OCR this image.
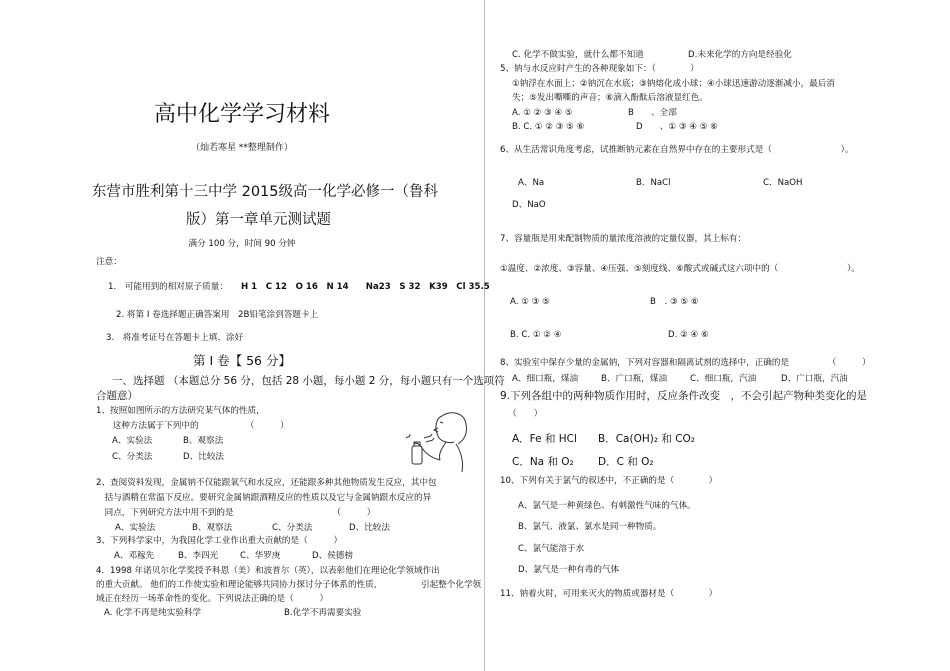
高中化学学习材料
（灿若寒星 **整理制作）
东营市胜利第十三中学 2015级高一化学必修一（鲁科
版）第一章单元测试题
满分 100 分，时间 90 分钟
注意：
1.　可能用到的相对原子质量： H 1　C 12　O 16　N 14　　Na23　S 32　K39　Cl 35.5
2. 将第 I 卷选择题正确答案用　2B铅笔涂到答题卡上
3.　将准考证号在答题卡上填、涂好
第 I 卷【 56 分】
一、选择题 （本题总分 56 分，包括 28 小题，每小题 2 分，每小题只有一个选项符
合题意）
1、按照如图所示的方法研究某气体的性质，
　这种方法属于下列中的　　　　　　（　　　）
A、实验法	B、观察法
C、分类法	D、比较法
2、查阅资料发现，金属钠不仅能跟氧气和水反应，还能跟多种其他物质发生反应，其中包
　括与酒精在常温下反应。要研究金属钠跟酒精反应的性质以及它与金属钠跟水反应的异
　同点，下列研究方法中用不到的是　　　　　　　　　　　　（　　　）
A、实验法	B、观察法	C、分类法	D、比较法
3、下列科学家中，为我国化学工业作出重大贡献的是（　　　）
A、邓稼先	B、李四光	C、华罗庚	D、侯德榜
4．1998 年诺贝尔化学奖授予科恩（美）和波普尔（英），以表彰他们在理论化学领域作出
的重大贡献。 他们的工作使实验和理论能够共同协力探讨分子体系的性质，　　　　　引起整个化学领
域正在经历一场革命性的变化。下列说法正确的是（　　　）
A. 化学不再是纯实验科学	B.化学不再需要实验
C. 化学不做实验，就什么都不知道	D.未来化学的方向是经验化
5、钠与水反应时产生的各种现象如下：（　　　　）
①钠浮在水面上；②钠沉在水底；③钠熔化成小球；④小球迅速游动逐渐减小，最后消
失；⑤发出嘶嘶的声音；⑥滴入酚酞后溶液显红色。
A. ① ② ③ ④ ⑤	B　　、全部
B. C. ① ② ③ ⑤ ⑥	D　　、① ③ ④ ⑤ ⑥
6、从生活常识角度考虑，试推断钠元素在自然界中存在的主要形式是（　　　　　　　　）。
A、Na	B．NaCl	C．NaOH
D、NaO
7、容量瓶是用来配制物质的量浓度溶液的定量仪器，其上标有：
①温度、②浓度、③容量、④压强、⑤刻度线、⑥酸式或碱式这六项中的（　　　　　　　　）。
A. ① ③ ⑤	B　. ③ ⑤ ⑥
B. C. ① ② ④	D. ② ④ ⑥
8、实验室中保存少量的金属钠，下列对容器和隔离试剂的选择中，正确的是　　　　　（　　　）
A、细口瓶，煤油	B、广口瓶，煤油	C、细口瓶，汽油	D、广口瓶，汽油
9.下列各组中的两种物质作用时，反应条件改变　，不会引起产物种类变化的是
（　　）
A．Fe 和 HCl B．Ca(OH)₂ 和 CO₂
C．Na 和 O₂ D．C 和 O₂
10、下列有关于氯气的叙述中，不正确的是（　　　　）
A、氯气是一种黄绿色、有刺激性气味的气体。
B、氯气、液氯、氯水是同一种物质。
C、氯气能溶于水
D、氯气是一种有毒的气体
11、钠着火时，可用来灭火的物质或器材是（　　　　）
